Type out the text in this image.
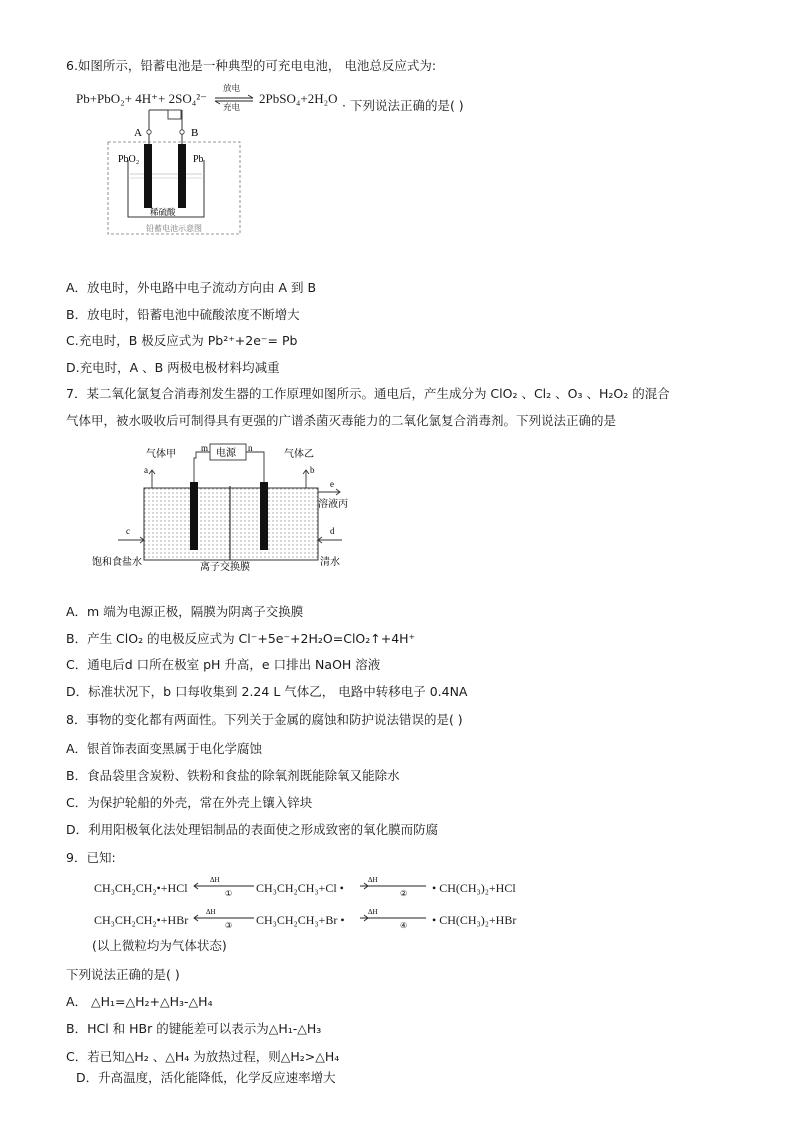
6.如图所示，铅蓄电池是一种典型的可充电电池， 电池总反应式为:
Pb+PbO₂+ 4H⁺+ 2SO₄²⁻
放电
充电
2PbSO₄+2H₂O · 下列说法正确的是( )
A	B
PbO₂	Pb
稀硫酸
铅蓄电池示意图
A．放电时，外电路中电子流动方向由 A 到 B
B．放电时，铅蓄电池中硫酸浓度不断增大
C.充电时，B 极反应式为 Pb²⁺+2e⁻= Pb
D.充电时，A 、B 两极电极材料均减重
7．某二氧化氯复合消毒剂发生器的工作原理如图所示。通电后，产生成分为 ClO₂ 、Cl₂ 、O₃ 、H₂O₂ 的混合
气体甲，被水吸收后可制得具有更强的广谱杀菌灭毒能力的二氧化氯复合消毒剂。下列说法正确的是
电源
m	n
气体甲
a
气体乙
b
e
溶液丙
c	d
饱和食盐水	离子交换膜	清水
A．m 端为电源正极，隔膜为阴离子交换膜
B．产生 ClO₂ 的电极反应式为 Cl⁻+5e⁻+2H₂O=ClO₂↑+4H⁺
C．通电后d 口所在极室 pH 升高，e 口排出 NaOH 溶液
D．标准状况下，b 口每收集到 2.24 L 气体乙， 电路中转移电子 0.4NA
8．事物的变化都有两面性。下列关于金属的腐蚀和防护说法错误的是( )
A．银首饰表面变黑属于电化学腐蚀
B．食品袋里含炭粉、铁粉和食盐的除氧剂既能除氧又能除水
C．为保护轮船的外壳，常在外壳上镶入锌块
D．利用阳极氧化法处理铝制品的表面使之形成致密的氧化膜而防腐
9．已知:
CH₃CH₂CH₂•+HCl
ΔH
① CH₃CH₂CH₃+Cl •
ΔH
② • CH(CH₃)₂+HCl
CH₃CH₂CH₂•+HBr
ΔH
③ CH₃CH₂CH₃+Br •
ΔH
④ • CH(CH₃)₂+HBr
(以上微粒均为气体状态)
下列说法正确的是( )
A． △H₁=△H₂+△H₃-△H₄
B．HCl 和 HBr 的键能差可以表示为△H₁-△H₃
C．若已知△H₂ 、△H₄ 为放热过程，则△H₂>△H₄
D．升高温度，活化能降低，化学反应速率增大
